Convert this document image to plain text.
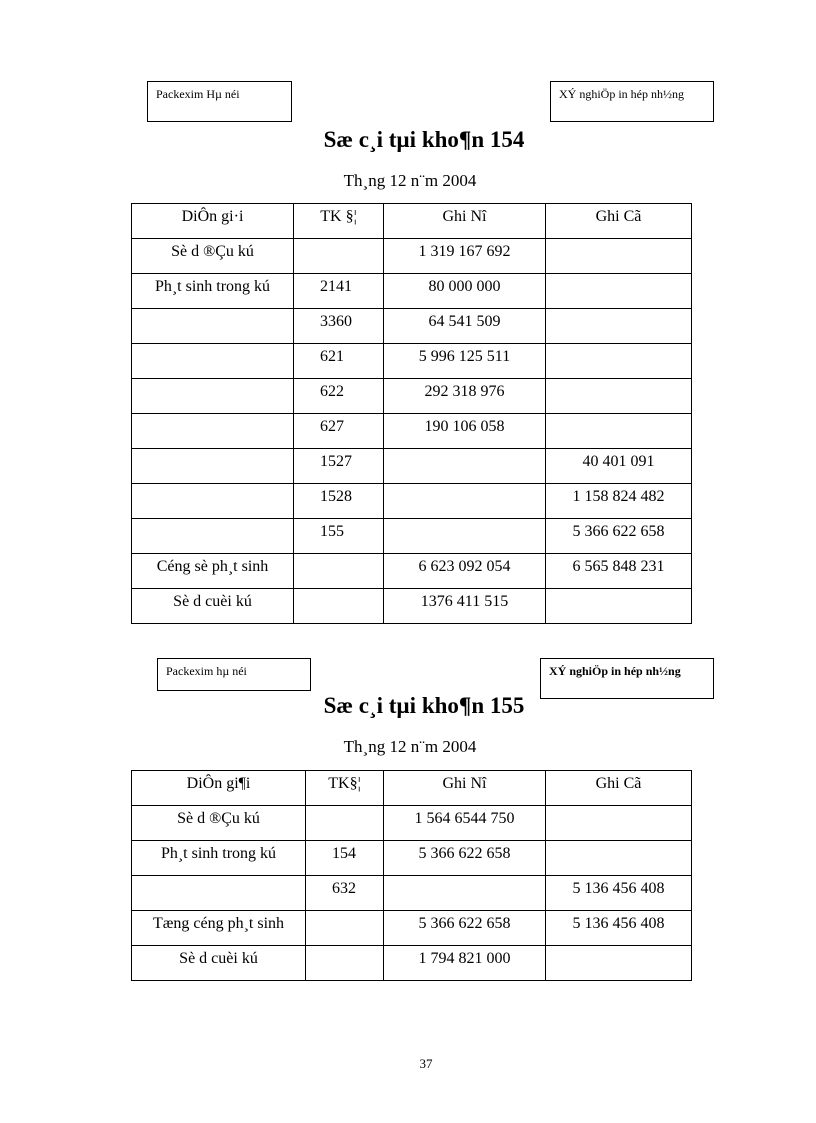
Packexim Hµ néi	XÝ nghiÖp in hép nh½ng
Sæ c¸i tµi kho¶n 154
Th¸ng 12 n¨m 2004
DiÔn gi·i	TK §¦	Ghi Nî	Ghi Cã
Sè d ®Çu kú		1 319 167 692	
Ph¸t sinh trong kú	2141	80 000 000	
	3360	64 541 509	
	621	5 996 125 511	
	622	292 318 976	
	627	190 106 058	
	1527		40 401 091
	1528		1 158 824 482
	155		5 366 622 658
Céng sè ph¸t sinh		6 623 092 054	6 565 848 231
Sè d cuèi kú		1376 411 515	
Packexim hµ néi	XÝ nghiÖp in hép nh½ng
Sæ c¸i tµi kho¶n 155
Th¸ng 12 n¨m 2004
DiÔn gi¶i	TK§¦	Ghi Nî	Ghi Cã
Sè d ®Çu kú		1 564 6544 750	
Ph¸t sinh trong kú	154	5 366 622 658	
	632		5 136 456 408
Tæng céng ph¸t sinh		5 366 622 658	5 136 456 408
Sè d cuèi kú		1 794 821 000	
37
